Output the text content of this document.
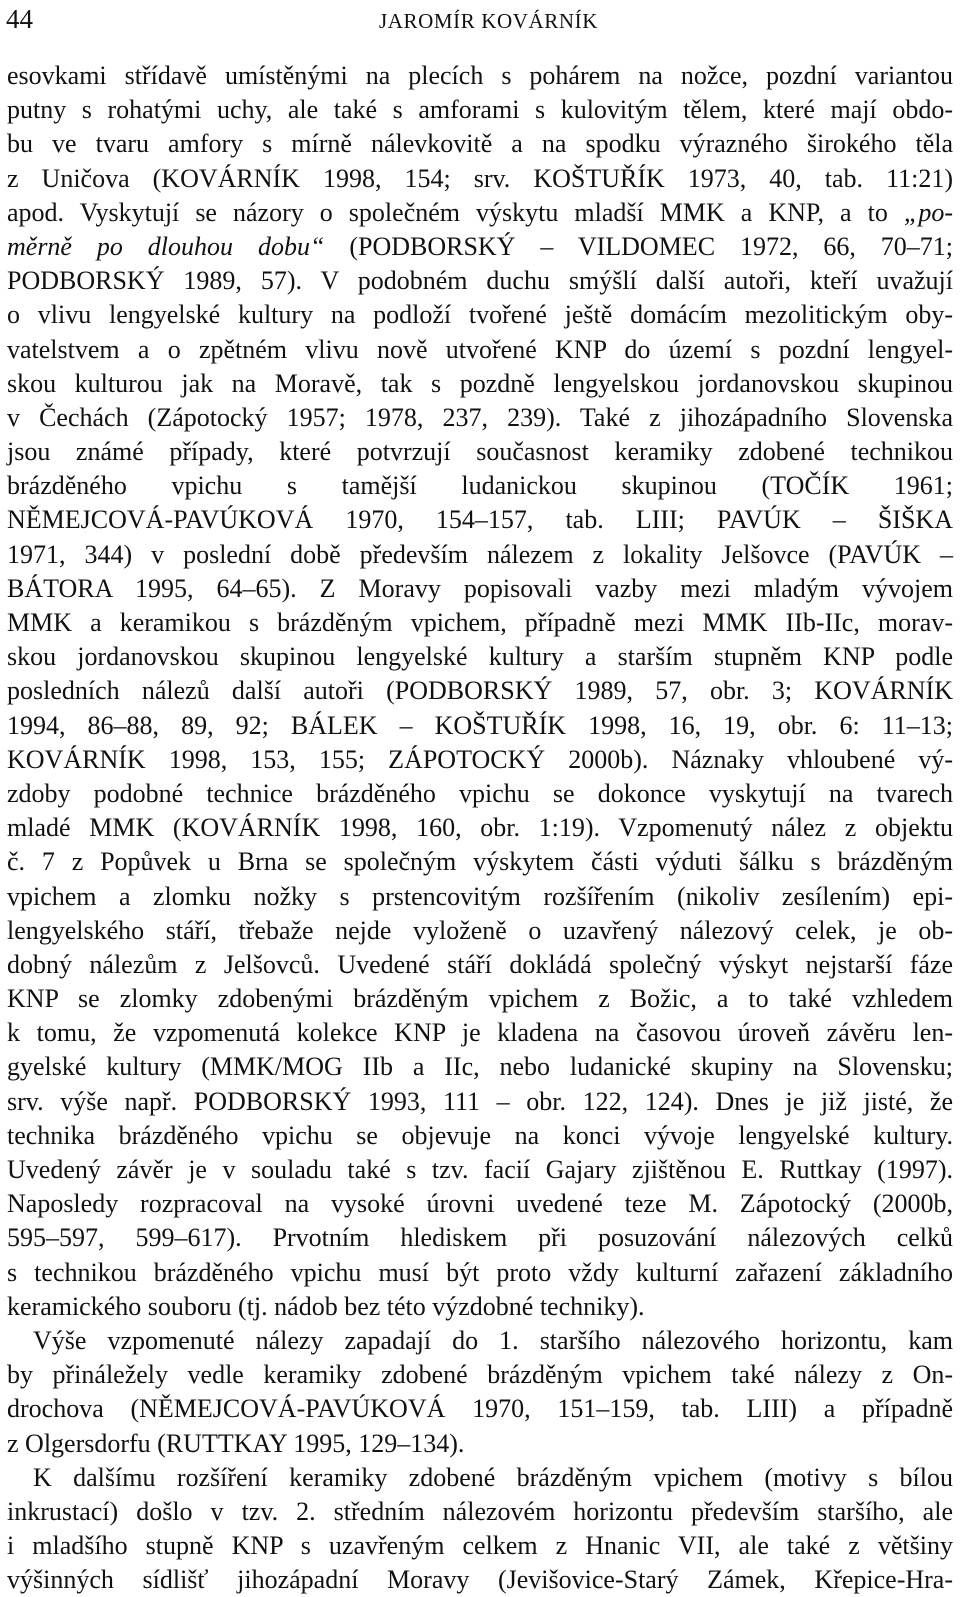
44	JAROMÍR KOVÁRNÍK
esovkami střídavě umístěnými na plecích s pohárem na nožce, pozdní variantou
putny s rohatými uchy, ale také s amforami s kulovitým tělem, které mají obdo-
bu ve tvaru amfory s mírně nálevkovitě a na spodku výrazného širokého těla
z Uničova (KOVÁRNÍK 1998, 154; srv. KOŠTUŘÍK 1973, 40, tab. 11:21)
apod. Vyskytují se názory o společném výskytu mladší MMK a KNP, a to „po-
měrně po dlouhou dobu“ (PODBORSKÝ – VILDOMEC 1972, 66, 70–71;
PODBORSKÝ 1989, 57). V podobném duchu smýšlí další autoři, kteří uvažují
o vlivu lengyelské kultury na podloží tvořené ještě domácím mezolitickým oby-
vatelstvem a o zpětném vlivu nově utvořené KNP do území s pozdní lengyel-
skou kulturou jak na Moravě, tak s pozdně lengyelskou jordanovskou skupinou
v Čechách (Zápotocký 1957; 1978, 237, 239). Také z jihozápadního Slovenska
jsou známé případy, které potvrzují současnost keramiky zdobené technikou
brázděného vpichu s tamější ludanickou skupinou (TOČÍK 1961;
NĚMEJCOVÁ-PAVÚKOVÁ 1970, 154–157, tab. LIII; PAVÚK – ŠIŠKA
1971, 344) v poslední době především nálezem z lokality Jelšovce (PAVÚK –
BÁTORA 1995, 64–65). Z Moravy popisovali vazby mezi mladým vývojem
MMK a keramikou s brázděným vpichem, případně mezi MMK IIb-IIc, morav-
skou jordanovskou skupinou lengyelské kultury a starším stupněm KNP podle
posledních nálezů další autoři (PODBORSKÝ 1989, 57, obr. 3; KOVÁRNÍK
1994, 86–88, 89, 92; BÁLEK – KOŠTUŘÍK 1998, 16, 19, obr. 6: 11–13;
KOVÁRNÍK 1998, 153, 155; ZÁPOTOCKÝ 2000b). Náznaky vhloubené vý-
zdoby podobné technice brázděného vpichu se dokonce vyskytují na tvarech
mladé MMK (KOVÁRNÍK 1998, 160, obr. 1:19). Vzpomenutý nález z objektu
č. 7 z Popůvek u Brna se společným výskytem části výduti šálku s brázděným
vpichem a zlomku nožky s prstencovitým rozšířením (nikoliv zesílením) epi-
lengyelského stáří, třebaže nejde vyloženě o uzavřený nálezový celek, je ob-
dobný nálezům z Jelšovců. Uvedené stáří dokládá společný výskyt nejstarší fáze
KNP se zlomky zdobenými brázděným vpichem z Božic, a to také vzhledem
k tomu, že vzpomenutá kolekce KNP je kladena na časovou úroveň závěru len-
gyelské kultury (MMK/MOG IIb a IIc, nebo ludanické skupiny na Slovensku;
srv. výše např. PODBORSKÝ 1993, 111 – obr. 122, 124). Dnes je již jisté, že
technika brázděného vpichu se objevuje na konci vývoje lengyelské kultury.
Uvedený závěr je v souladu také s tzv. facií Gajary zjištěnou E. Ruttkay (1997).
Naposledy rozpracoval na vysoké úrovni uvedené teze M. Zápotocký (2000b,
595–597, 599–617). Prvotním hlediskem při posuzování nálezových celků
s technikou brázděného vpichu musí být proto vždy kulturní zařazení základního
keramického souboru (tj. nádob bez této výzdobné techniky).
Výše vzpomenuté nálezy zapadají do 1. staršího nálezového horizontu, kam
by přináležely vedle keramiky zdobené brázděným vpichem také nálezy z On-
drochova (NĚMEJCOVÁ-PAVÚKOVÁ 1970, 151–159, tab. LIII) a případně
z Olgersdorfu (RUTTKAY 1995, 129–134).
K dalšímu rozšíření keramiky zdobené brázděným vpichem (motivy s bílou
inkrustací) došlo v tzv. 2. středním nálezovém horizontu především staršího, ale
i mladšího stupně KNP s uzavřeným celkem z Hnanic VII, ale také z většiny
výšinných sídlišť jihozápadní Moravy (Jevišovice-Starý Zámek, Křepice-Hra-
